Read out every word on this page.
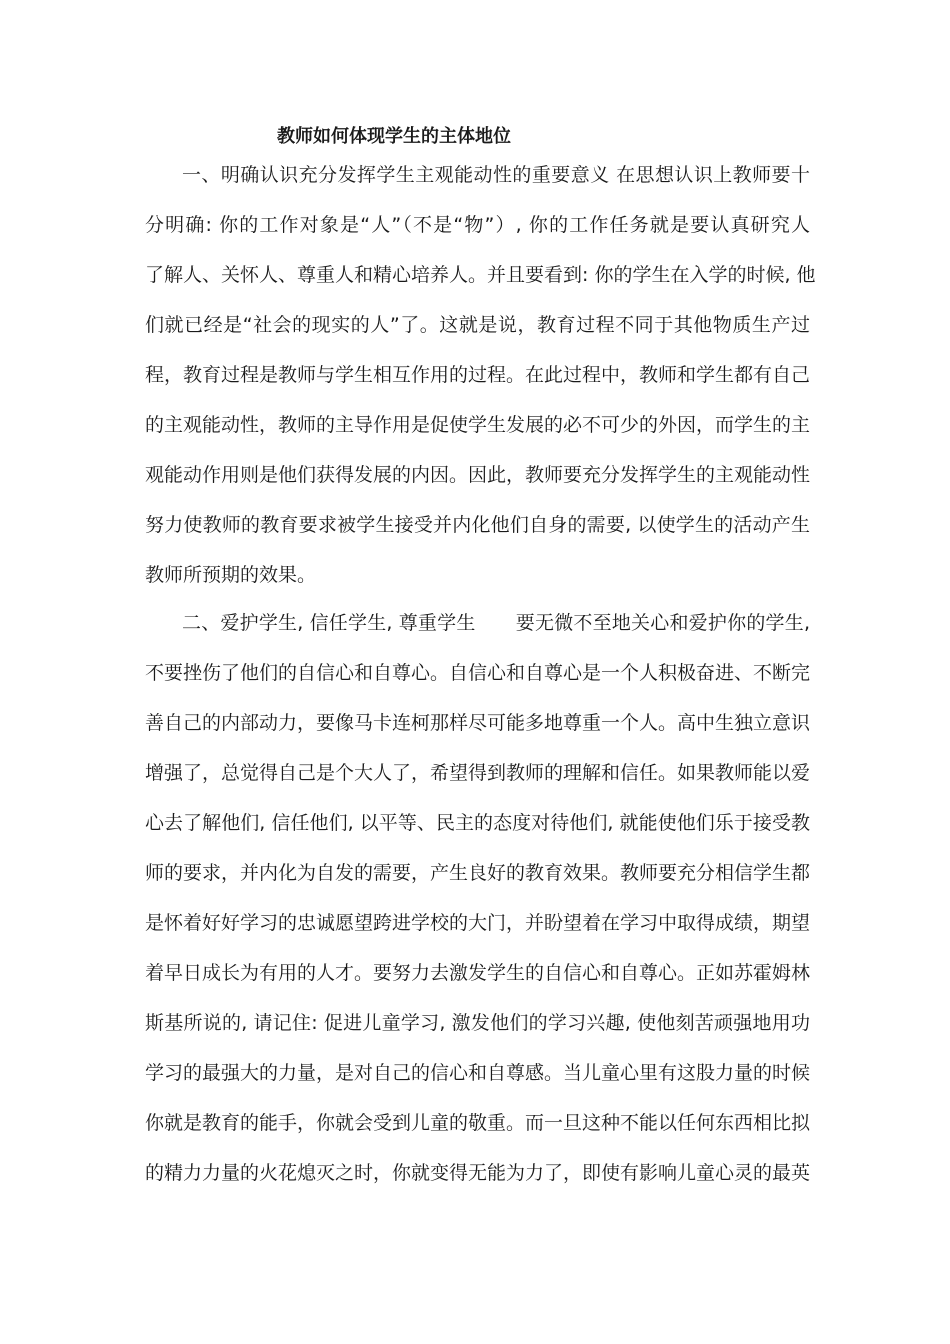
教师如何体现学生的主体地位
一、明确认识充分发挥学生主观能动性的重要意义 在思想认识上教师要十
分明确: 你的工作对象是“人”（不是“物”）, 你的工作任务就是要认真研究人
了解人、关怀人、尊重人和精心培养人。并且要看到: 你的学生在入学的时候, 他
们就已经是“社会的现实的人”了。这就是说，教育过程不同于其他物质生产过
程，教育过程是教师与学生相互作用的过程。在此过程中，教师和学生都有自己
的主观能动性，教师的主导作用是促使学生发展的必不可少的外因，而学生的主
观能动作用则是他们获得发展的内因。因此，教师要充分发挥学生的主观能动性
努力使教师的教育要求被学生接受并内化他们自身的需要, 以使学生的活动产生
教师所预期的效果。
二、爱护学生, 信任学生, 尊重学生 要无微不至地关心和爱护你的学生,
不要挫伤了他们的自信心和自尊心。自信心和自尊心是一个人积极奋进、不断完
善自己的内部动力，要像马卡连柯那样尽可能多地尊重一个人。高中生独立意识
增强了，总觉得自己是个大人了，希望得到教师的理解和信任。如果教师能以爱
心去了解他们, 信任他们, 以平等、民主的态度对待他们, 就能使他们乐于接受教
师的要求，并内化为自发的需要，产生良好的教育效果。教师要充分相信学生都
是怀着好好学习的忠诚愿望跨进学校的大门，并盼望着在学习中取得成绩，期望
着早日成长为有用的人才。要努力去激发学生的自信心和自尊心。正如苏霍姆林
斯基所说的, 请记住: 促进儿童学习, 激发他们的学习兴趣, 使他刻苦顽强地用功
学习的最强大的力量，是对自己的信心和自尊感。当儿童心里有这股力量的时候
你就是教育的能手，你就会受到儿童的敬重。而一旦这种不能以任何东西相比拟
的精力力量的火花熄灭之时，你就变得无能为力了，即使有影响儿童心灵的最英
